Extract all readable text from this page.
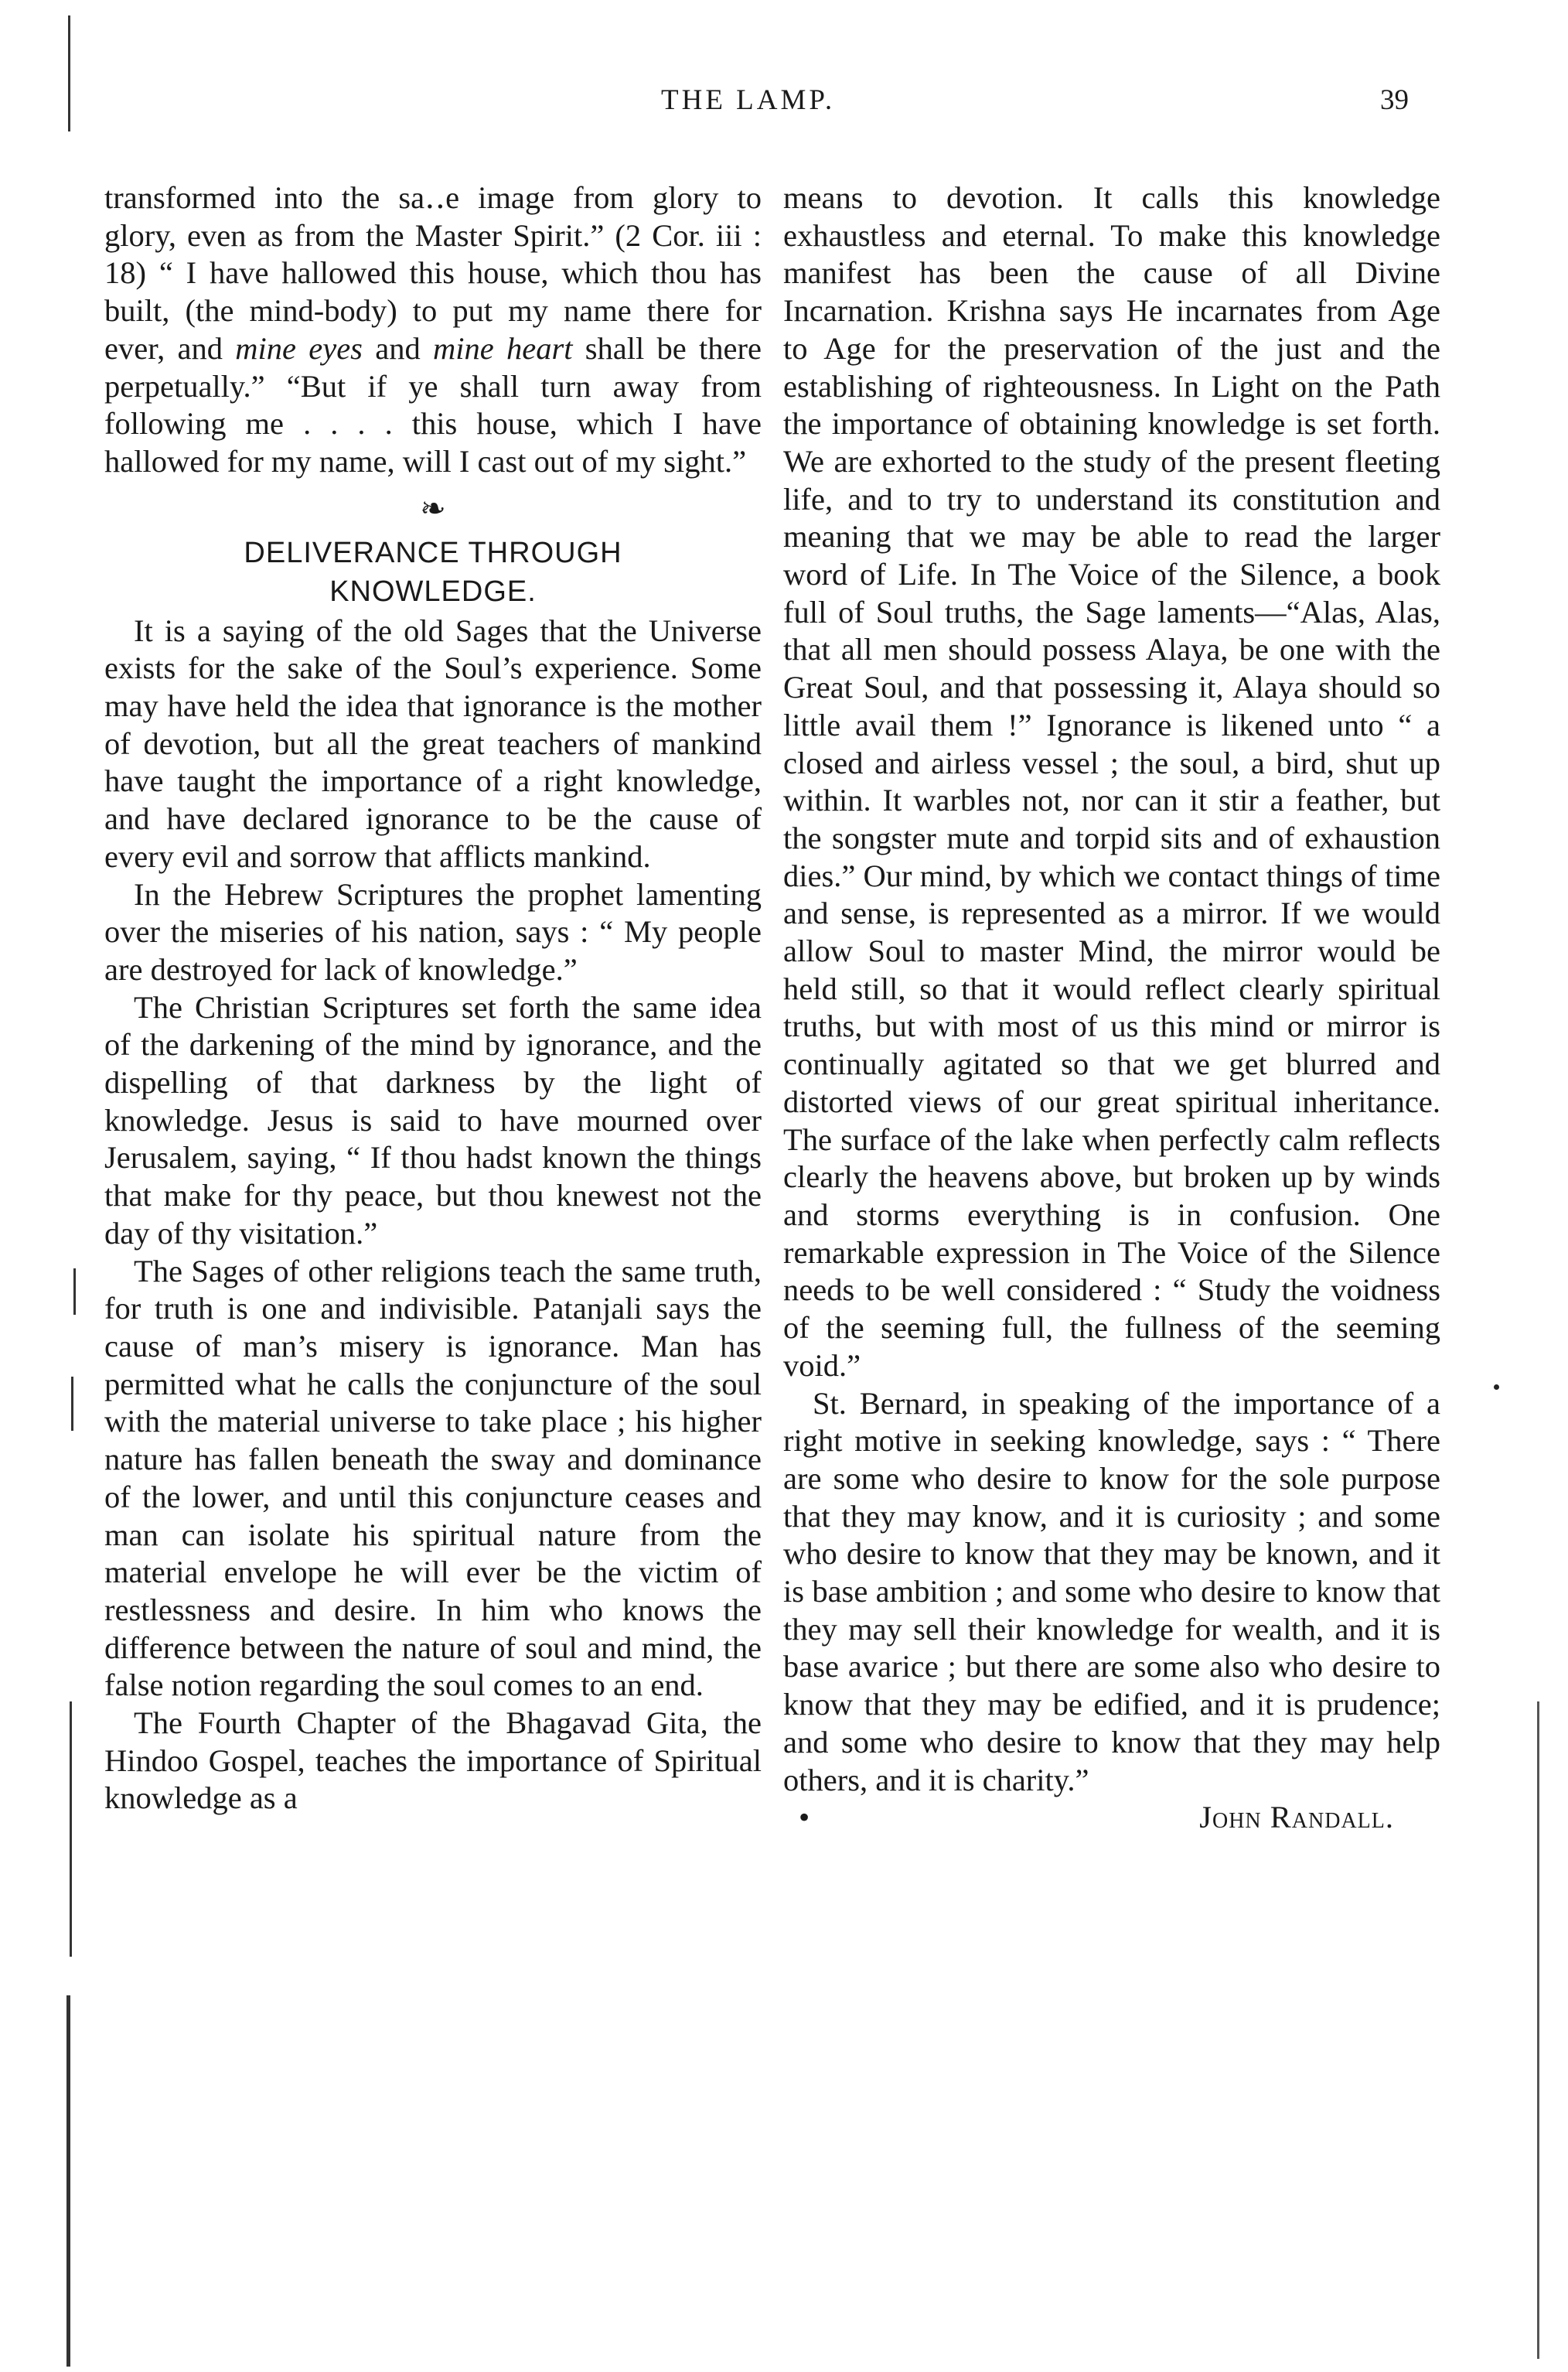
THE LAMP.	39

transformed into the sa‥e image from glory to glory, even as from the Master Spirit.” (2 Cor. iii : 18) “ I have hallowed this house, which thou has built, (the mind-body) to put my name there for ever, and mine eyes and mine heart shall be there perpetually.” “But if ye shall turn away from following me . . . . this house, which I have hallowed for my name, will I cast out of my sight.”

❧
DELIVERANCE THROUGH
KNOWLEDGE.

It is a saying of the old Sages that the Universe exists for the sake of the Soul’s experience. Some may have held the idea that ignorance is the mother of devotion, but all the great teachers of mankind have taught the importance of a right knowledge, and have declared ignorance to be the cause of every evil and sorrow that afflicts mankind.

In the Hebrew Scriptures the prophet lamenting over the miseries of his nation, says : “ My people are destroyed for lack of knowledge.”

The Christian Scriptures set forth the same idea of the darkening of the mind by ignorance, and the dispelling of that darkness by the light of knowledge. Jesus is said to have mourned over Jerusalem, saying, “ If thou hadst known the things that make for thy peace, but thou knewest not the day of thy visitation.”

The Sages of other religions teach the same truth, for truth is one and indivisible. Patanjali says the cause of man’s misery is ignorance. Man has permitted what he calls the conjuncture of the soul with the material universe to take place ; his higher nature has fallen beneath the sway and dominance of the lower, and until this conjuncture ceases and man can isolate his spiritual nature from the material envelope he will ever be the victim of restlessness and desire. In him who knows the difference between the nature of soul and mind, the false notion regarding the soul comes to an end.

The Fourth Chapter of the Bhagavad Gita, the Hindoo Gospel, teaches the importance of Spiritual knowledge as a

means to devotion. It calls this knowledge exhaustless and eternal. To make this knowledge manifest has been the cause of all Divine Incarnation. Krishna says He incarnates from Age to Age for the preservation of the just and the establishing of righteousness. In Light on the Path the importance of obtaining knowledge is set forth. We are exhorted to the study of the present fleeting life, and to try to understand its constitution and meaning that we may be able to read the larger word of Life. In The Voice of the Silence, a book full of Soul truths, the Sage laments—“Alas, Alas, that all men should possess Alaya, be one with the Great Soul, and that possessing it, Alaya should so little avail them !” Ignorance is likened unto “ a closed and airless vessel ; the soul, a bird, shut up within. It warbles not, nor can it stir a feather, but the songster mute and torpid sits and of exhaustion dies.” Our mind, by which we contact things of time and sense, is represented as a mirror. If we would allow Soul to master Mind, the mirror would be held still, so that it would reflect clearly spiritual truths, but with most of us this mind or mirror is continually agitated so that we get blurred and distorted views of our great spiritual inheritance. The surface of the lake when perfectly calm reflects clearly the heavens above, but broken up by winds and storms everything is in confusion. One remarkable expression in The Voice of the Silence needs to be well considered : “ Study the voidness of the seeming full, the fullness of the seeming void.”

St. Bernard, in speaking of the importance of a right motive in seeking knowledge, says : “ There are some who desire to know for the sole purpose that they may know, and it is curiosity ; and some who desire to know that they may be known, and it is base ambition ; and some who desire to know that they may sell their knowledge for wealth, and it is base avarice ; but there are some also who desire to know that they may be edified, and it is prudence; and some who desire to know that they may help others, and it is charity.”

•	John Randall.
